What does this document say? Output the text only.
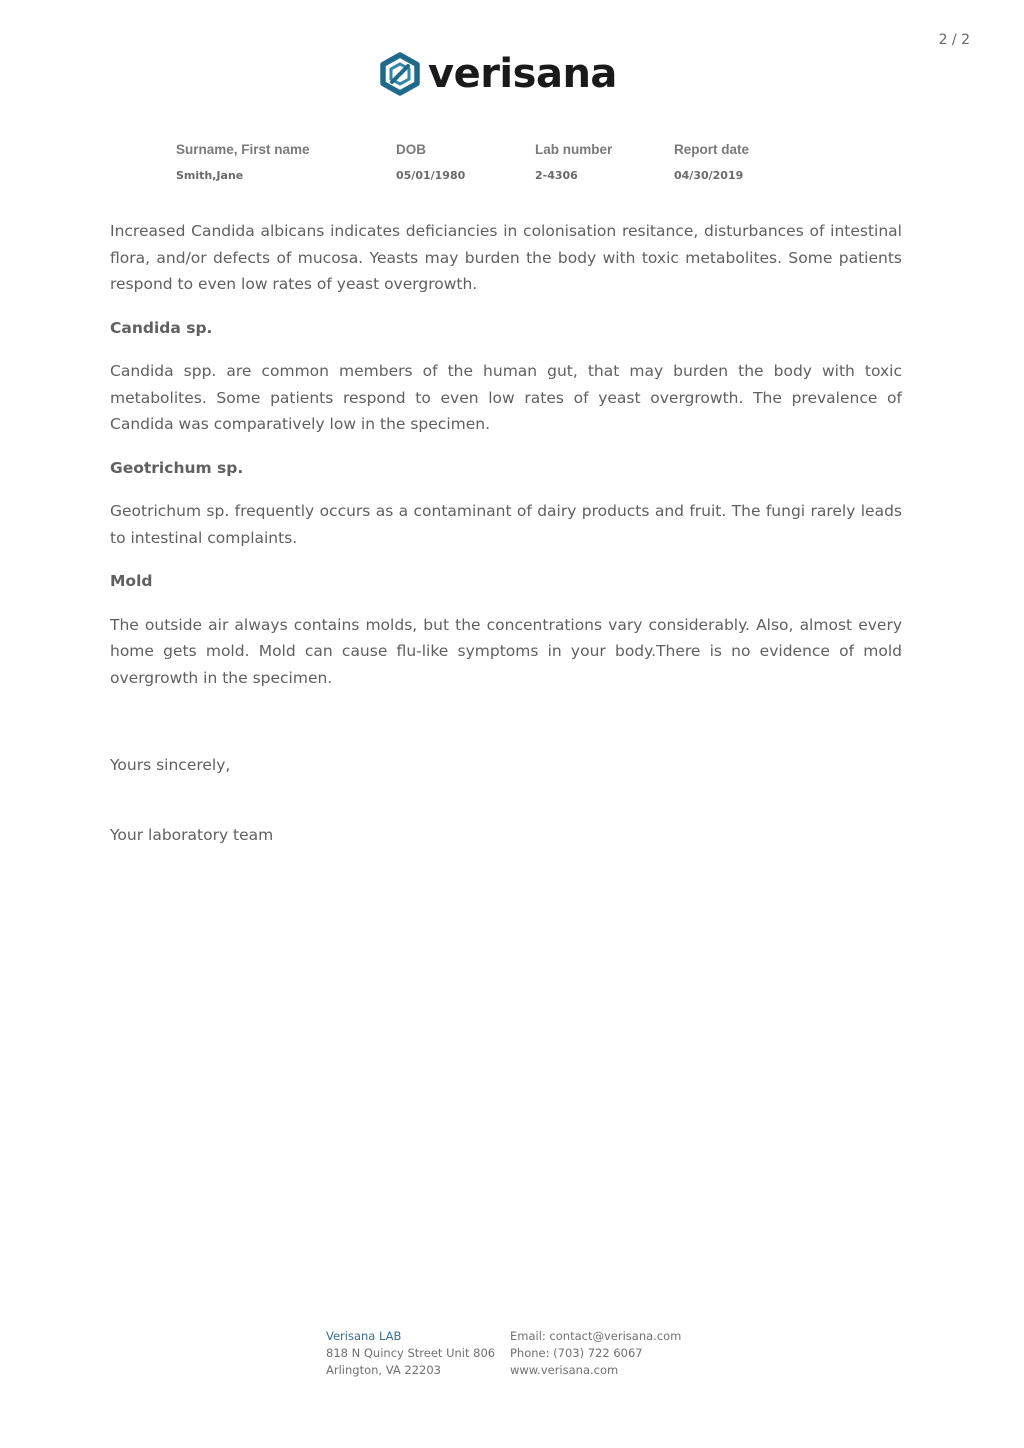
2 / 2
verisana
Surname, First name
Smith,Jane
DOB
05/01/1980
Lab number
2-4306
Report date
04/30/2019

Increased Candida albicans indicates deficiancies in colonisation resitance, disturbances of intestinal flora, and/or defects of mucosa. Yeasts may burden the body with toxic metabolites. Some patients respond to even low rates of yeast overgrowth.

Candida sp.

Candida spp. are common members of the human gut, that may burden the body with toxic metabolites. Some patients respond to even low rates of yeast overgrowth. The prevalence of Candida was comparatively low in the specimen.

Geotrichum sp.

Geotrichum sp. frequently occurs as a contaminant of dairy products and fruit. The fungi rarely leads to intestinal complaints.

Mold

The outside air always contains molds, but the concentrations vary considerably. Also, almost every home gets mold. Mold can cause flu-like symptoms in your body.There is no evidence of mold overgrowth in the specimen.

Yours sincerely,
Your laboratory team
Verisana LAB
818 N Quincy Street Unit 806
Arlington, VA 22203
Email: contact@verisana.com
Phone: (703) 722 6067
www.verisana.com
